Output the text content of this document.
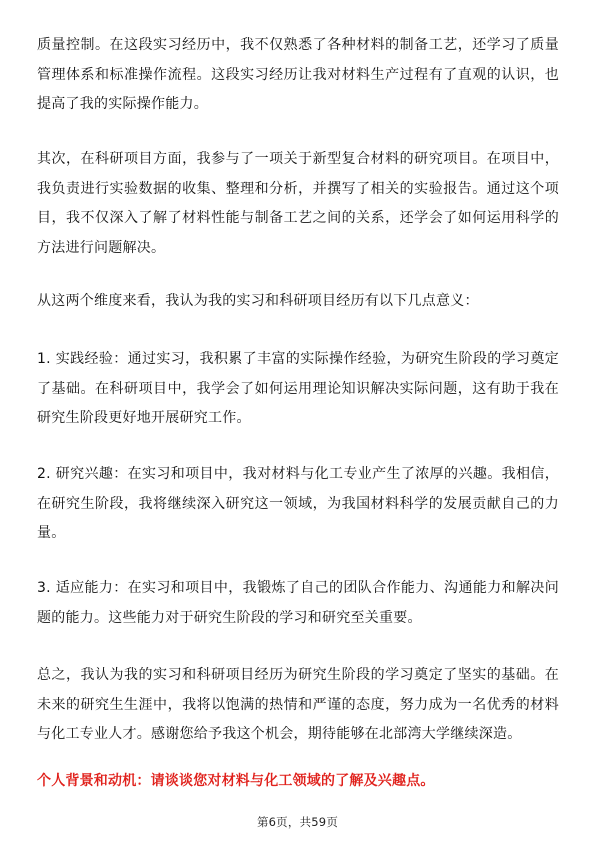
质量控制。在这段实习经历中，我不仅熟悉了各种材料的制备工艺，还学习了质量管理体系和标准操作流程。这段实习经历让我对材料生产过程有了直观的认识，也提高了我的实际操作能力。

其次，在科研项目方面，我参与了一项关于新型复合材料的研究项目。在项目中，我负责进行实验数据的收集、整理和分析，并撰写了相关的实验报告。通过这个项目，我不仅深入了解了材料性能与制备工艺之间的关系，还学会了如何运用科学的方法进行问题解决。

从这两个维度来看，我认为我的实习和科研项目经历有以下几点意义：

1. 实践经验：通过实习，我积累了丰富的实际操作经验，为研究生阶段的学习奠定了基础。在科研项目中，我学会了如何运用理论知识解决实际问题，这有助于我在研究生阶段更好地开展研究工作。

2. 研究兴趣：在实习和项目中，我对材料与化工专业产生了浓厚的兴趣。我相信，在研究生阶段，我将继续深入研究这一领域，为我国材料科学的发展贡献自己的力量。

3. 适应能力：在实习和项目中，我锻炼了自己的团队合作能力、沟通能力和解决问题的能力。这些能力对于研究生阶段的学习和研究至关重要。

总之，我认为我的实习和科研项目经历为研究生阶段的学习奠定了坚实的基础。在未来的研究生生涯中，我将以饱满的热情和严谨的态度，努力成为一名优秀的材料与化工专业人才。感谢您给予我这个机会，期待能够在北部湾大学继续深造。

个人背景和动机：请谈谈您对材料与化工领域的了解及兴趣点。

第6页，共59页
